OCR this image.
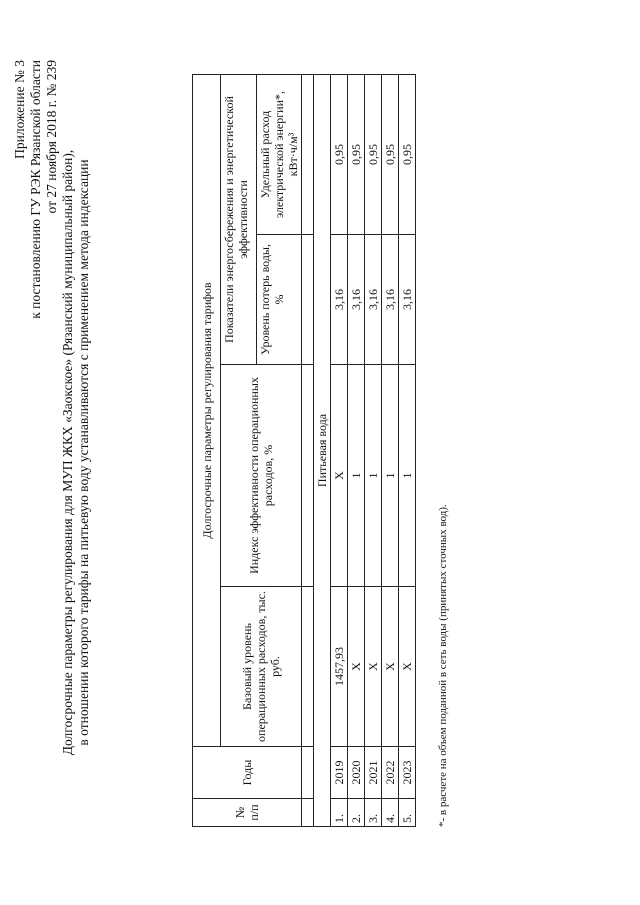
Приложение № 3 к постановлению ГУ РЭК Рязанской области от 27 ноября 2018 г. № 239
Долгосрочные параметры регулирования для МУП ЖКХ «Заокское» (Рязанский муниципальный район), в отношении которого тарифы на питьевую воду устанавливаются с применением метода индексации
№ п/п	Годы	Долгосрочные параметры регулирования тарифов			
		Базовый уровень операционных расходов, тыс. руб.	Индекс эффективности операционных расходов, %	Показатели энергосбережения и энергетической эффективности	
				Уровень потерь воды, %	Удельный расход электрической энергии*, кВт·ч/м³

Питьевая вода					
1.	2019	1457,93	X	3,16	0,95
2.	2020	X	1	3,16	0,95
3.	2021	X	1	3,16	0,95
4.	2022	X	1	3,16	0,95
5.	2023	X	1	3,16	0,95
*- в расчете на объем поданной в сеть воды (принятых сточных вод).
